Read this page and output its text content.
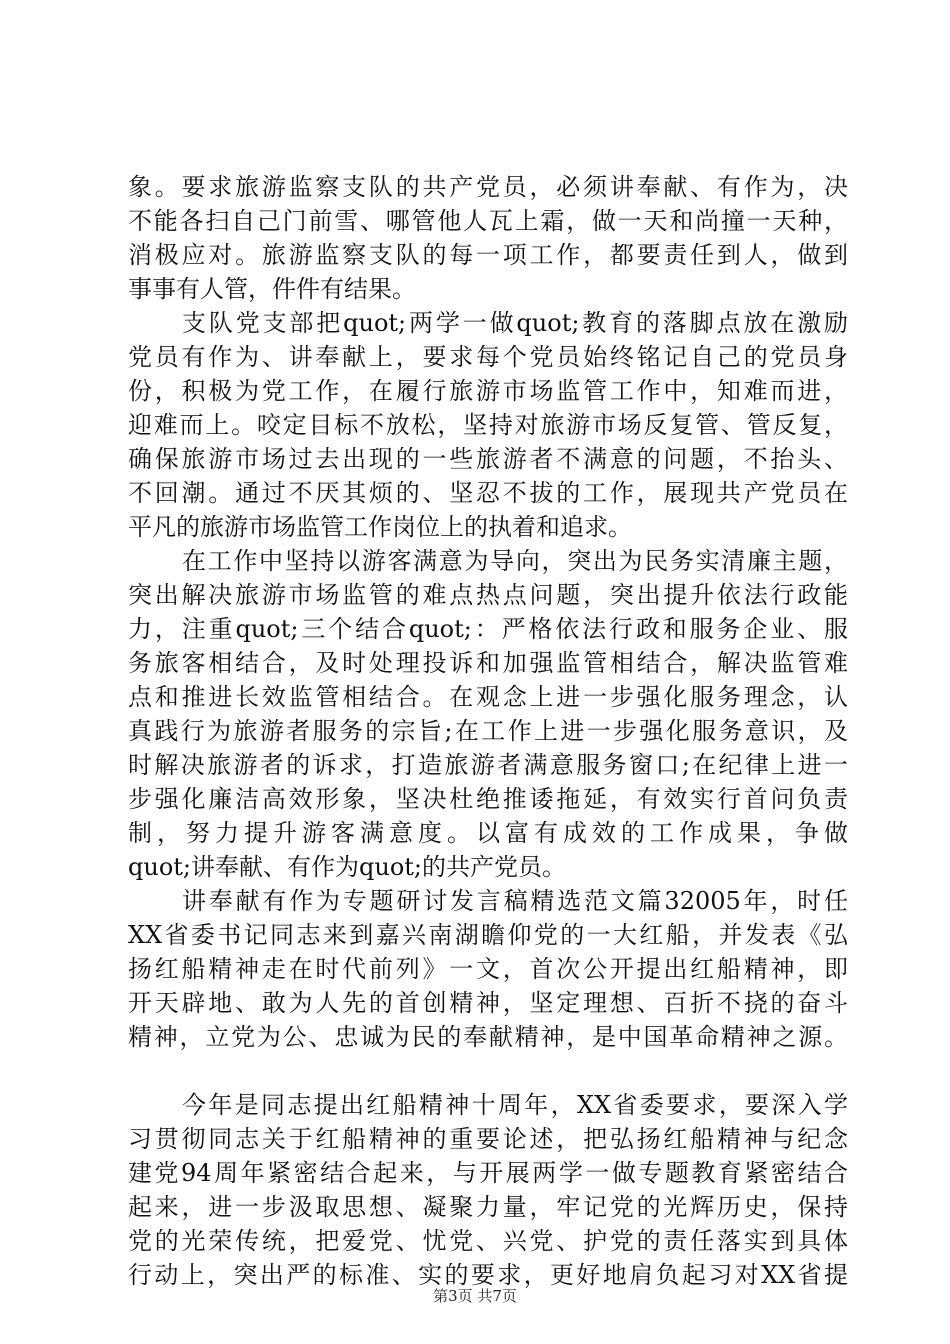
象。要求旅游监察支队的共产党员，必须讲奉献、有作为，决
不能各扫自己门前雪、哪管他人瓦上霜，做一天和尚撞一天种，
消极应对。旅游监察支队的每一项工作，都要责任到人，做到
事事有人管，件件有结果。
支队党支部把quot;两学一做quot;教育的落脚点放在激励
党员有作为、讲奉献上，要求每个党员始终铭记自己的党员身
份，积极为党工作，在履行旅游市场监管工作中，知难而进，
迎难而上。咬定目标不放松，坚持对旅游市场反复管、管反复，
确保旅游市场过去出现的一些旅游者不满意的问题，不抬头、
不回潮。通过不厌其烦的、坚忍不拔的工作，展现共产党员在
平凡的旅游市场监管工作岗位上的执着和追求。
在工作中坚持以游客满意为导向，突出为民务实清廉主题，
突出解决旅游市场监管的难点热点问题，突出提升依法行政能
力，注重quot;三个结合quot;：严格依法行政和服务企业、服
务旅客相结合，及时处理投诉和加强监管相结合，解决监管难
点和推进长效监管相结合。在观念上进一步强化服务理念，认
真践行为旅游者服务的宗旨;在工作上进一步强化服务意识，及
时解决旅游者的诉求，打造旅游者满意服务窗口;在纪律上进一
步强化廉洁高效形象，坚决杜绝推诿拖延，有效实行首问负责
制，努力提升游客满意度。以富有成效的工作成果，争做
quot;讲奉献、有作为quot;的共产党员。
讲奉献有作为专题研讨发言稿精选范文篇32005年，时任
XX省委书记同志来到嘉兴南湖瞻仰党的一大红船，并发表《弘
扬红船精神走在时代前列》一文，首次公开提出红船精神，即
开天辟地、敢为人先的首创精神，坚定理想、百折不挠的奋斗
精神，立党为公、忠诚为民的奉献精神，是中国革命精神之源。
今年是同志提出红船精神十周年，XX省委要求，要深入学
习贯彻同志关于红船精神的重要论述，把弘扬红船精神与纪念
建党94周年紧密结合起来，与开展两学一做专题教育紧密结合
起来，进一步汲取思想、凝聚力量，牢记党的光辉历史，保持
党的光荣传统，把爱党、忧党、兴党、护党的责任落实到具体
行动上，突出严的标准、实的要求，更好地肩负起习对XX省提
第3页 共7页
